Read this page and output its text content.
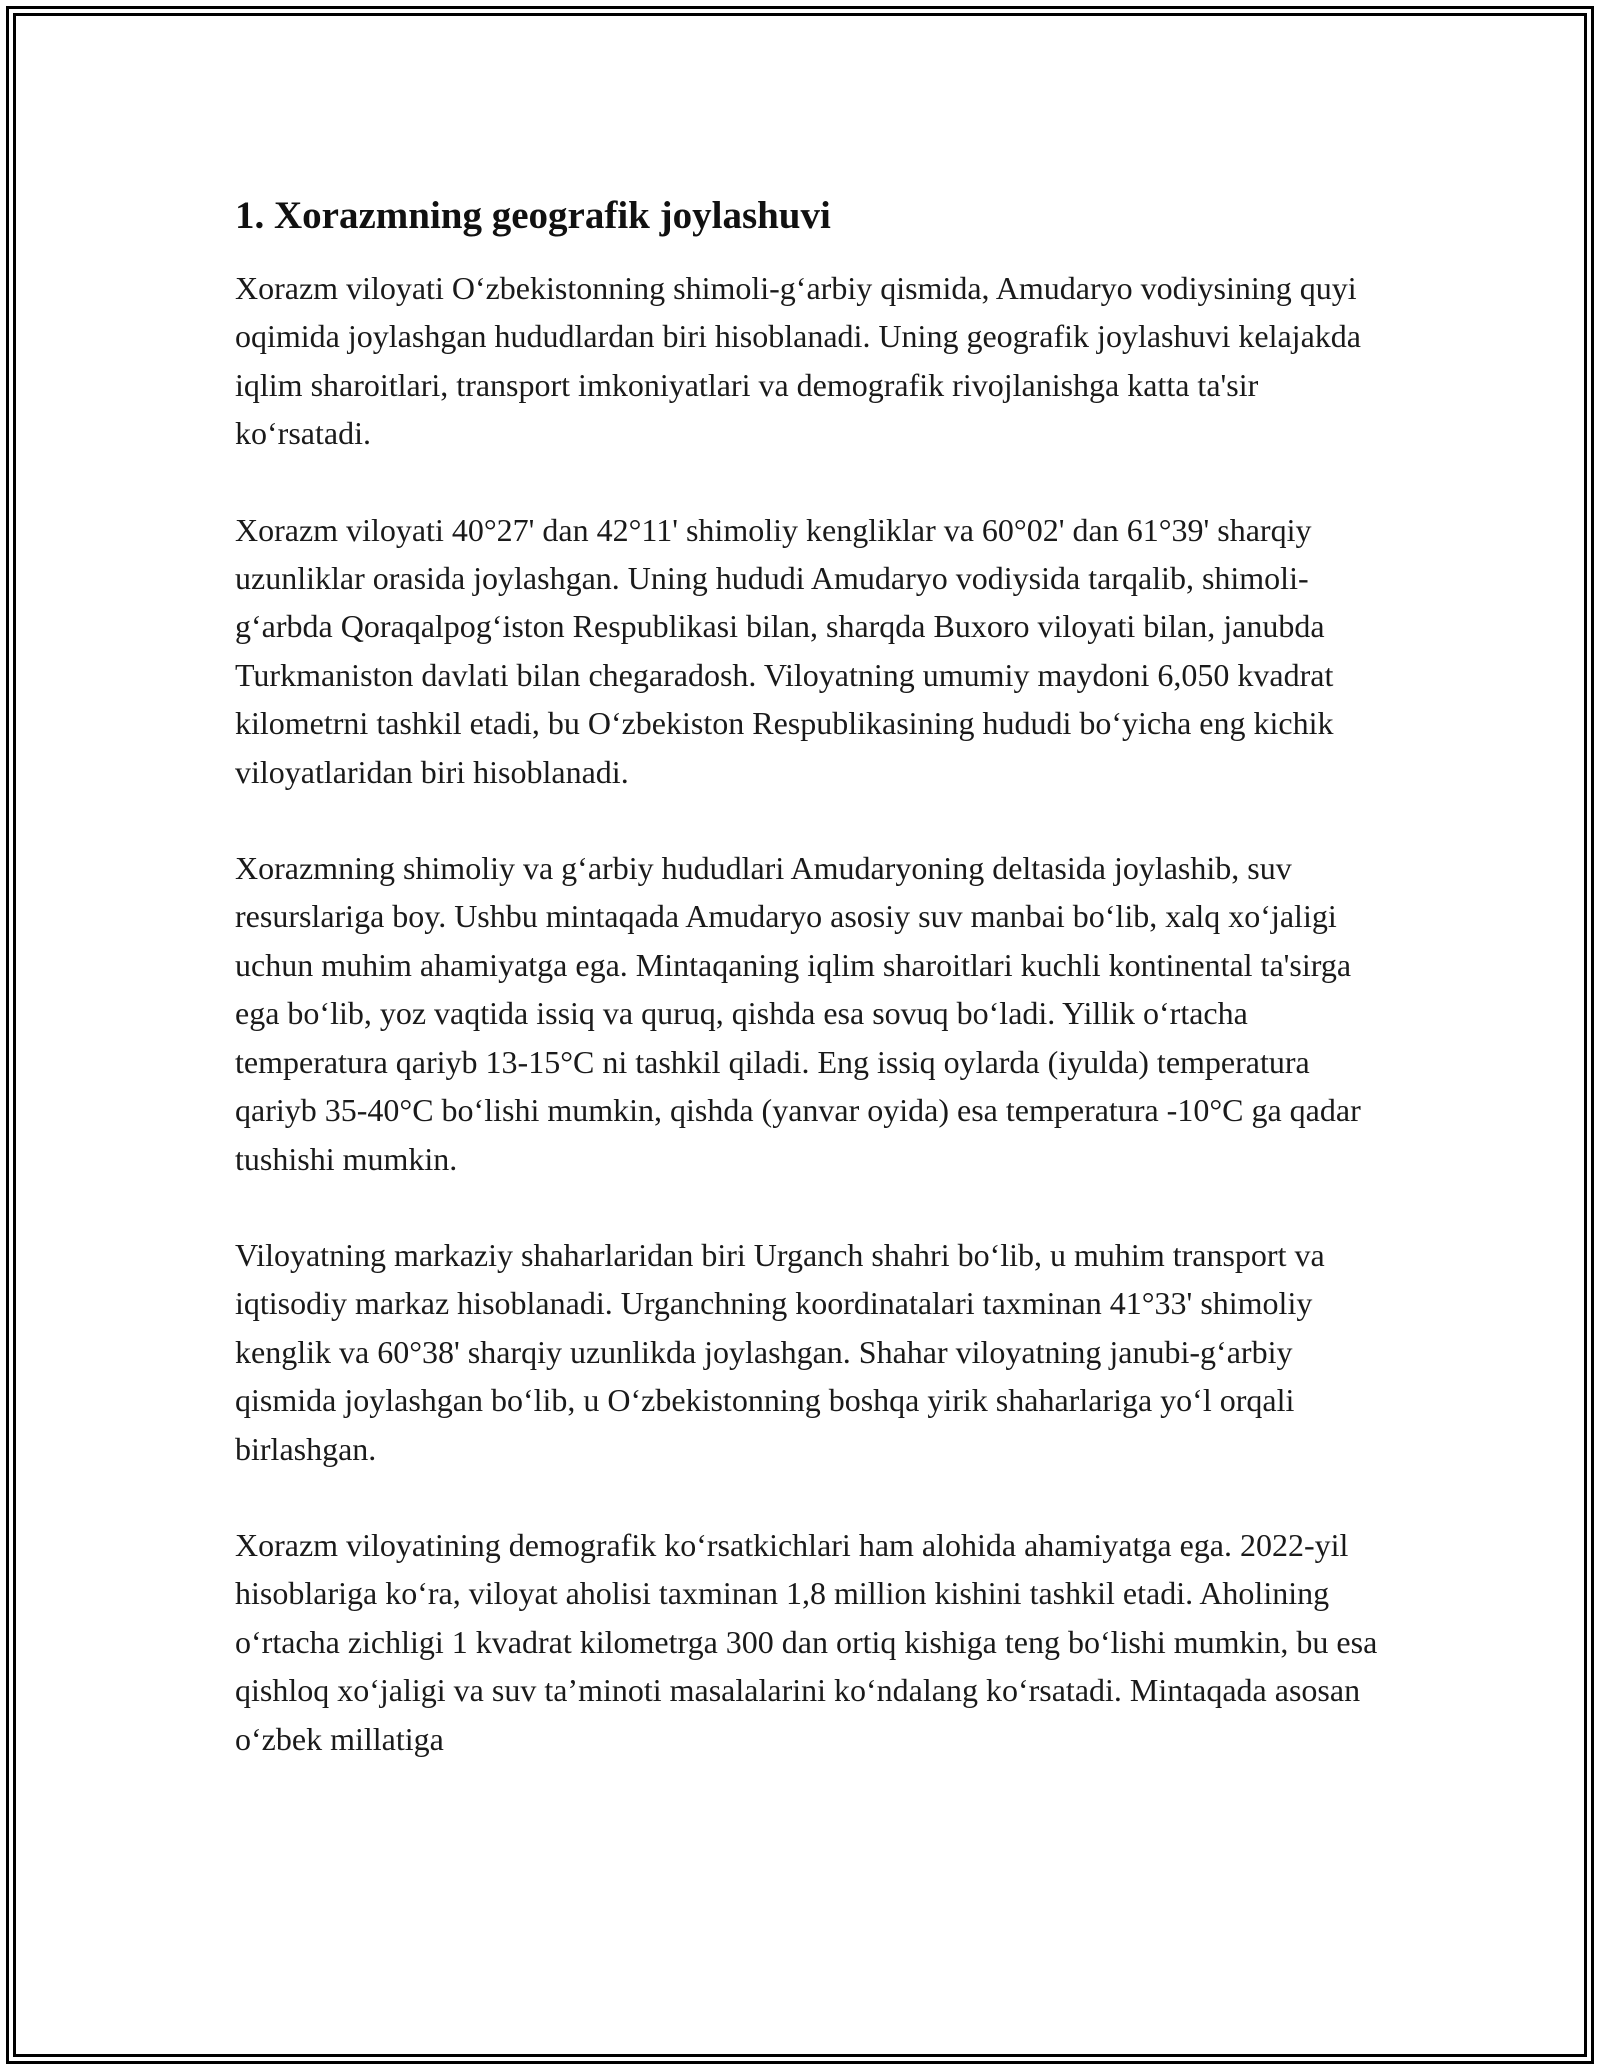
1. Xorazmning geografik joylashuvi

Xorazm viloyati O‘zbekistonning shimoli-g‘arbiy qismida, Amudaryo vodiysining quyi oqimida joylashgan hududlardan biri hisoblanadi. Uning geografik joylashuvi kelajakda iqlim sharoitlari, transport imkoniyatlari va demografik rivojlanishga katta ta'sir ko‘rsatadi.

Xorazm viloyati 40°27' dan 42°11' shimoliy kengliklar va 60°02' dan 61°39' sharqiy uzunliklar orasida joylashgan. Uning hududi Amudaryo vodiysida tarqalib, shimoli-g‘arbda Qoraqalpog‘iston Respublikasi bilan, sharqda Buxoro viloyati bilan, janubda Turkmaniston davlati bilan chegaradosh. Viloyatning umumiy maydoni 6,050 kvadrat kilometrni tashkil etadi, bu O‘zbekiston Respublikasining hududi bo‘yicha eng kichik viloyatlaridan biri hisoblanadi.

Xorazmning shimoliy va g‘arbiy hududlari Amudaryoning deltasida joylashib, suv resurslariga boy. Ushbu mintaqada Amudaryo asosiy suv manbai bo‘lib, xalq xo‘jaligi uchun muhim ahamiyatga ega. Mintaqaning iqlim sharoitlari kuchli kontinental ta'sirga ega bo‘lib, yoz vaqtida issiq va quruq, qishda esa sovuq bo‘ladi. Yillik o‘rtacha temperatura qariyb 13-15°C ni tashkil qiladi. Eng issiq oylarda (iyulda) temperatura qariyb 35-40°C bo‘lishi mumkin, qishda (yanvar oyida) esa temperatura -10°C ga qadar tushishi mumkin.

Viloyatning markaziy shaharlaridan biri Urganch shahri bo‘lib, u muhim transport va iqtisodiy markaz hisoblanadi. Urganchning koordinatalari taxminan 41°33' shimoliy kenglik va 60°38' sharqiy uzunlikda joylashgan. Shahar viloyatning janubi-g‘arbiy qismida joylashgan bo‘lib, u O‘zbekistonning boshqa yirik shaharlariga yo‘l orqali birlashgan.

Xorazm viloyatining demografik ko‘rsatkichlari ham alohida ahamiyatga ega. 2022-yil hisoblariga ko‘ra, viloyat aholisi taxminan 1,8 million kishini tashkil etadi. Aholining o‘rtacha zichligi 1 kvadrat kilometrga 300 dan ortiq kishiga teng bo‘lishi mumkin, bu esa qishloq xo‘jaligi va suv ta’minoti masalalarini ko‘ndalang ko‘rsatadi. Mintaqada asosan o‘zbek millatiga
